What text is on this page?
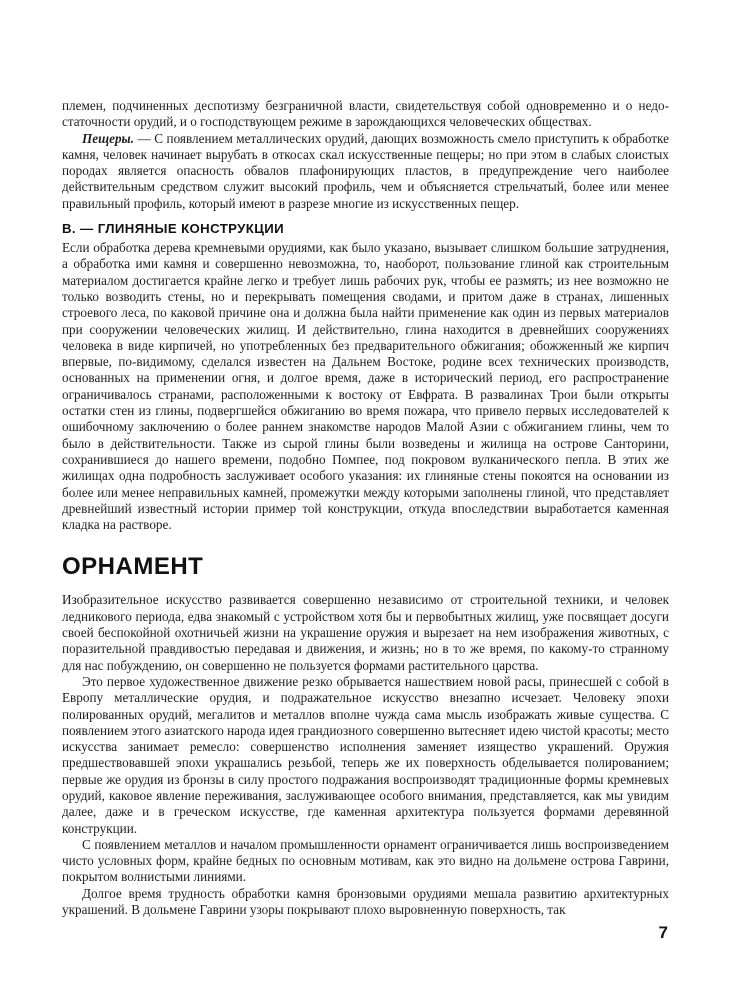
племен, подчиненных деспотизму безграничной власти, свидетельствуя собой одновременно и о недостаточности орудий, и о господствующем режиме в зарождающихся человеческих обществах.

Пещеры. — С появлением металлических орудий, дающих возможность смело приступить к обработке камня, человек начинает вырубать в откосах скал искусственные пещеры; но при этом в слабых слоистых породах является опасность обвалов плафонирующих пластов, в предупреждение чего наиболее действительным средством служит высокий профиль, чем и объясняется стрельчатый, более или менее правильный профиль, который имеют в разрезе многие из искусственных пещер.

B. — ГЛИНЯНЫЕ КОНСТРУКЦИИ

Если обработка дерева кремневыми орудиями, как было указано, вызывает слишком большие затруднения, а обработка ими камня и совершенно невозможна, то, наоборот, пользование глиной как строительным материалом достигается крайне легко и требует лишь рабочих рук, чтобы ее размять; из нее возможно не только возводить стены, но и перекрывать помещения сводами, и притом даже в странах, лишенных строевого леса, по каковой причине она и должна была найти применение как один из первых материалов при сооружении человеческих жилищ. И действительно, глина находится в древнейших сооружениях человека в виде кирпичей, но употребленных без предварительного обжигания; обожженный же кирпич впервые, по-видимому, сделался известен на Дальнем Востоке, родине всех технических производств, основанных на применении огня, и долгое время, даже в исторический период, его распространение ограничивалось странами, расположенными к востоку от Евфрата. В развалинах Трои были открыты остатки стен из глины, подвергшейся обжиганию во время пожара, что привело первых исследователей к ошибочному заключению о более раннем знакомстве народов Малой Азии с обжиганием глины, чем то было в действительности. Также из сырой глины были возведены и жилища на острове Санторини, сохранившиеся до нашего времени, подобно Помпее, под покровом вулканического пепла. В этих же жилищах одна подробность заслуживает особого указания: их глиняные стены покоятся на основании из более или менее неправильных камней, промежутки между которыми заполнены глиной, что представляет древнейший известный истории пример той конструкции, откуда впоследствии выработается каменная кладка на растворе.

ОРНАМЕНТ

Изобразительное искусство развивается совершенно независимо от строительной техники, и человек ледникового периода, едва знакомый с устройством хотя бы и первобытных жилищ, уже посвящает досуги своей беспокойной охотничьей жизни на украшение оружия и вырезает на нем изображения животных, с поразительной правдивостью передавая и движения, и жизнь; но в то же время, по какому-то странному для нас побуждению, он совершенно не пользуется формами растительного царства.

Это первое художественное движение резко обрывается нашествием новой расы, принесшей с собой в Европу металлические орудия, и подражательное искусство внезапно исчезает. Человеку эпохи полированных орудий, мегалитов и металлов вполне чужда сама мысль изображать живые существа. С появлением этого азиатского народа идея грандиозного совершенно вытесняет идею чистой красоты; место искусства занимает ремесло: совершенство исполнения заменяет изящество украшений. Оружия предшествовавшей эпохи украшались резьбой, теперь же их поверхность обделывается полированием; первые же орудия из бронзы в силу простого подражания воспроизводят традиционные формы кремневых орудий, каковое явление переживания, заслуживающее особого внимания, представляется, как мы увидим далее, даже и в греческом искусстве, где каменная архитектура пользуется формами деревянной конструкции.

С появлением металлов и началом промышленности орнамент ограничивается лишь воспроизведением чисто условных форм, крайне бедных по основным мотивам, как это видно на дольмене острова Гаврини, покрытом волнистыми линиями.

Долгое время трудность обработки камня бронзовыми орудиями мешала развитию архитектурных украшений. В дольмене Гаврини узоры покрывают плохо выровненную поверхность, так

7
